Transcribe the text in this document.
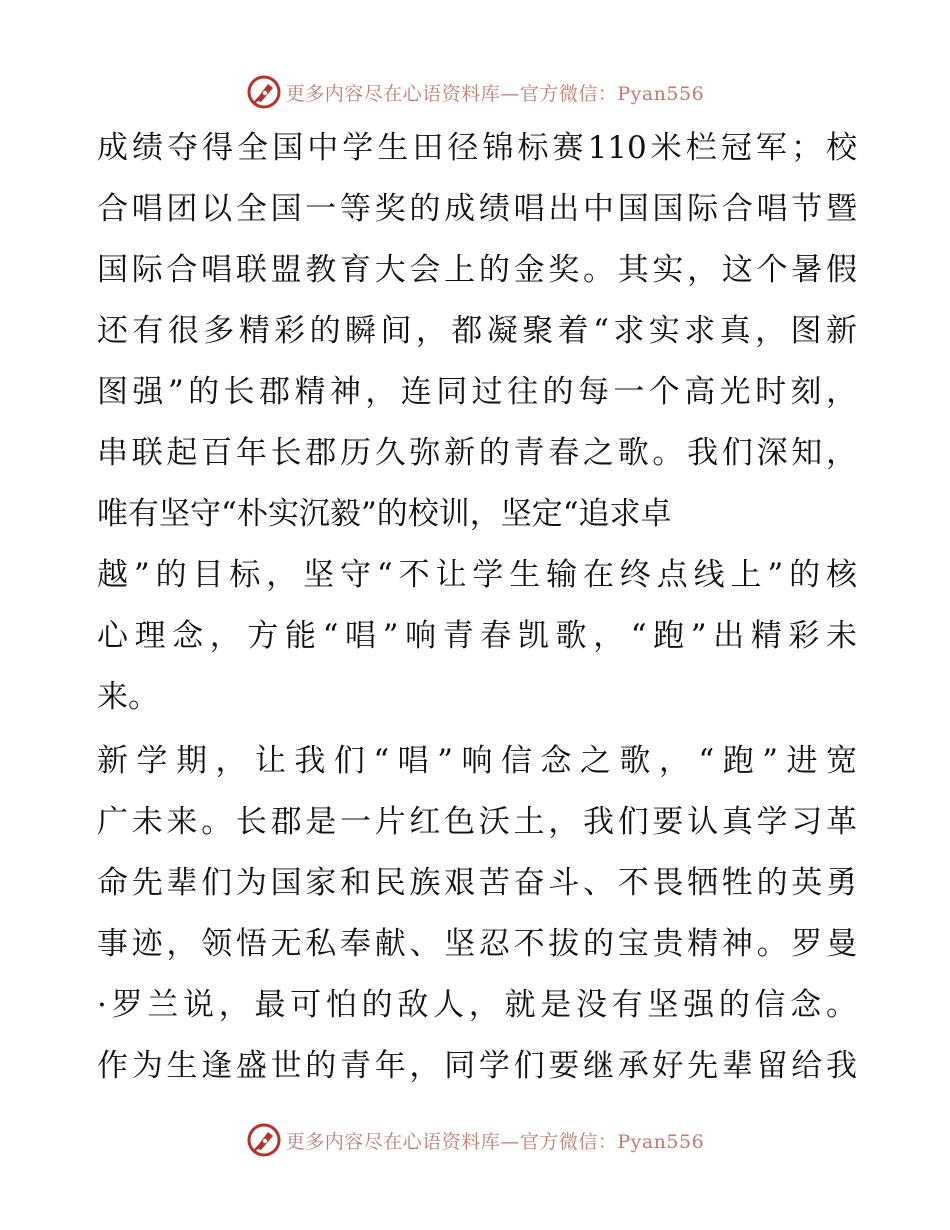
更多内容尽在心语资料库—官方微信：Pyan556
成绩夺得全国中学生田径锦标赛110米栏冠军；校
合唱团以全国一等奖的成绩唱出中国国际合唱节暨
国际合唱联盟教育大会上的金奖。其实，这个暑假
还有很多精彩的瞬间，都凝聚着“求实求真，图新
图强”的长郡精神，连同过往的每一个高光时刻，
串联起百年长郡历久弥新的青春之歌。我们深知，
唯有坚守“朴实沉毅”的校训，坚定“追求卓
越”的目标，坚守“不让学生输在终点线上”的核
心理念，方能“唱”响青春凯歌，“跑”出精彩未
来。
新学期，让我们“唱”响信念之歌，“跑”进宽
广未来。长郡是一片红色沃土，我们要认真学习革
命先辈们为国家和民族艰苦奋斗、不畏牺牲的英勇
事迹，领悟无私奉献、坚忍不拔的宝贵精神。罗曼
·罗兰说，最可怕的敌人，就是没有坚强的信念。
作为生逢盛世的青年，同学们要继承好先辈留给我
更多内容尽在心语资料库—官方微信：Pyan556
